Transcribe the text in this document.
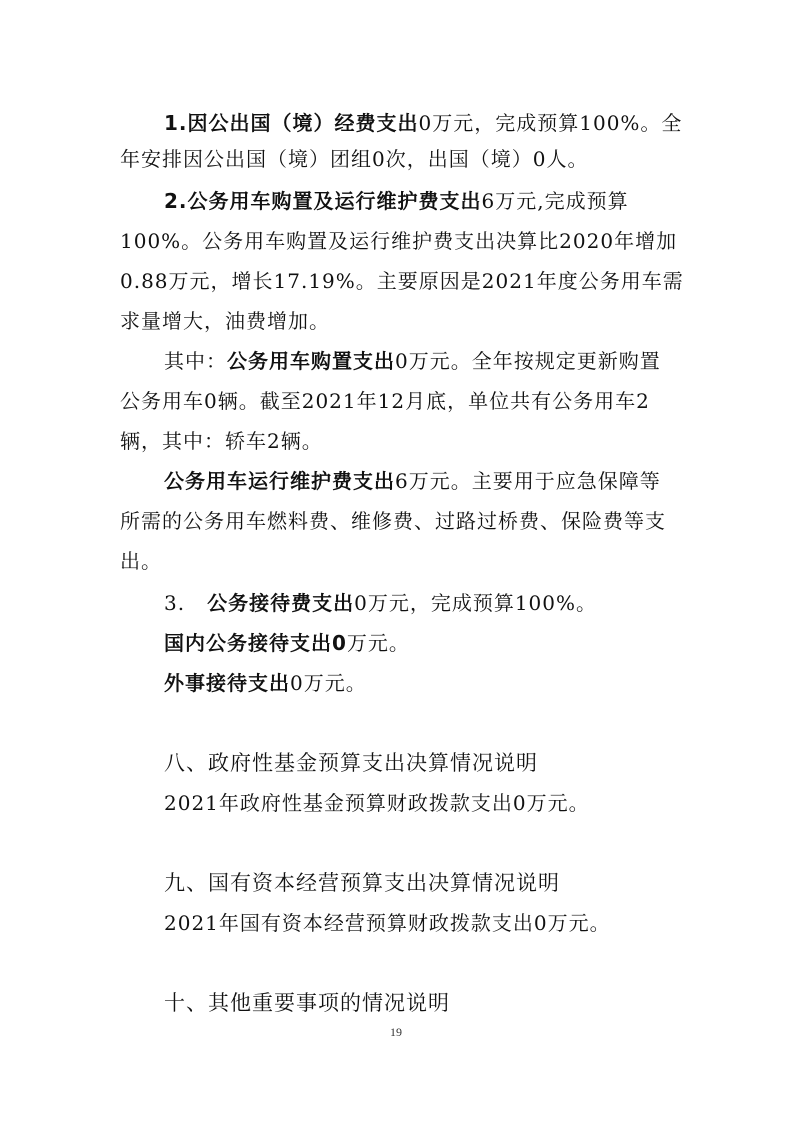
1.因公出国（境）经费支出0万元，完成预算100%。全
年安排因公出国（境）团组0次，出国（境）0人。
2.公务用车购置及运行维护费支出6万元,完成预算
100%。公务用车购置及运行维护费支出决算比2020年增加
0.88万元，增长17.19%。主要原因是2021年度公务用车需
求量增大，油费增加。
其中：公务用车购置支出0万元。全年按规定更新购置
公务用车0辆。截至2021年12月底，单位共有公务用车2
辆，其中：轿车2辆。
公务用车运行维护费支出6万元。主要用于应急保障等
所需的公务用车燃料费、维修费、过路过桥费、保险费等支
出。
3. 公务接待费支出0万元，完成预算100%。
国内公务接待支出0万元。
外事接待支出0万元。
八、政府性基金预算支出决算情况说明
2021年政府性基金预算财政拨款支出0万元。
九、国有资本经营预算支出决算情况说明
2021年国有资本经营预算财政拨款支出0万元。
十、其他重要事项的情况说明
19
